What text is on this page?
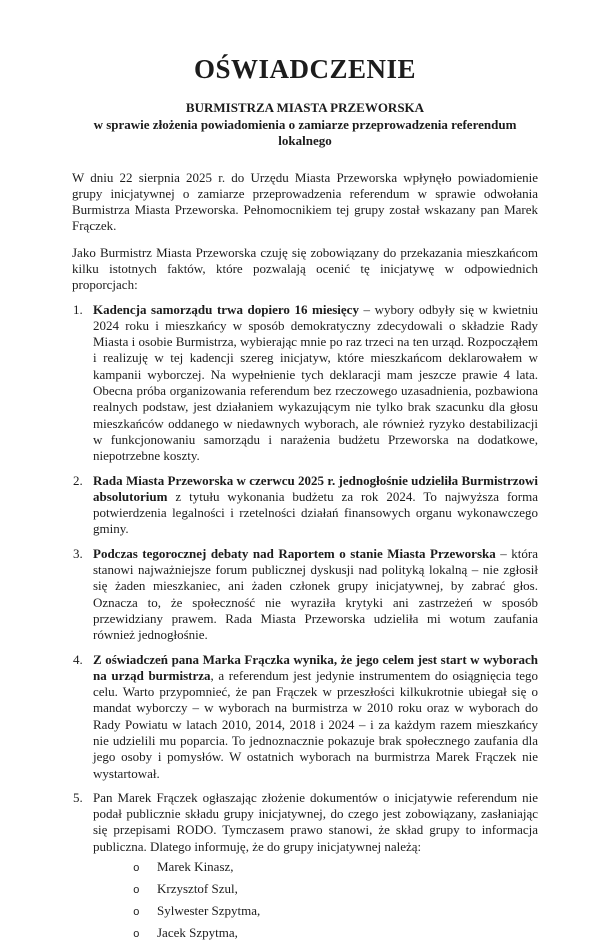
OŚWIADCZENIE
BURMISTRZA MIASTA PRZEWORSKA
w sprawie złożenia powiadomienia o zamiarze przeprowadzenia referendum lokalnego

W dniu 22 sierpnia 2025 r. do Urzędu Miasta Przeworska wpłynęło powiadomienie grupy inicjatywnej o zamiarze przeprowadzenia referendum w sprawie odwołania Burmistrza Miasta Przeworska. Pełnomocnikiem tej grupy został wskazany pan Marek Frączek.

Jako Burmistrz Miasta Przeworska czuję się zobowiązany do przekazania mieszkańcom kilku istotnych faktów, które pozwalają ocenić tę inicjatywę w odpowiednich proporcjach:

1. Kadencja samorządu trwa dopiero 16 miesięcy – wybory odbyły się w kwietniu 2024 roku i mieszkańcy w sposób demokratyczny zdecydowali o składzie Rady Miasta i osobie Burmistrza, wybierając mnie po raz trzeci na ten urząd. Rozpocząłem i realizuję w tej kadencji szereg inicjatyw, które mieszkańcom deklarowałem w kampanii wyborczej. Na wypełnienie tych deklaracji mam jeszcze prawie 4 lata. Obecna próba organizowania referendum bez rzeczowego uzasadnienia, pozbawiona realnych podstaw, jest działaniem wykazującym nie tylko brak szacunku dla głosu mieszkańców oddanego w niedawnych wyborach, ale również ryzyko destabilizacji w funkcjonowaniu samorządu i narażenia budżetu Przeworska na dodatkowe, niepotrzebne koszty.
2. Rada Miasta Przeworska w czerwcu 2025 r. jednogłośnie udzieliła Burmistrzowi absolutorium z tytułu wykonania budżetu za rok 2024. To najwyższa forma potwierdzenia legalności i rzetelności działań finansowych organu wykonawczego gminy.
3. Podczas tegorocznej debaty nad Raportem o stanie Miasta Przeworska – która stanowi najważniejsze forum publicznej dyskusji nad polityką lokalną – nie zgłosił się żaden mieszkaniec, ani żaden członek grupy inicjatywnej, by zabrać głos. Oznacza to, że społeczność nie wyraziła krytyki ani zastrzeżeń w sposób przewidziany prawem. Rada Miasta Przeworska udzieliła mi wotum zaufania również jednogłośnie.
4. Z oświadczeń pana Marka Frączka wynika, że jego celem jest start w wyborach na urząd burmistrza, a referendum jest jedynie instrumentem do osiągnięcia tego celu. Warto przypomnieć, że pan Frączek w przeszłości kilkukrotnie ubiegał się o mandat wyborczy – w wyborach na burmistrza w 2010 roku oraz w wyborach do Rady Powiatu w latach 2010, 2014, 2018 i 2024 – i za każdym razem mieszkańcy nie udzielili mu poparcia. To jednoznacznie pokazuje brak społecznego zaufania dla jego osoby i pomysłów. W ostatnich wyborach na burmistrza Marek Frączek nie wystartował.
5. Pan Marek Frączek ogłaszając złożenie dokumentów o inicjatywie referendum nie podał publicznie składu grupy inicjatywnej, do czego jest zobowiązany, zasłaniając się przepisami RODO. Tymczasem prawo stanowi, że skład grupy to informacja publiczna. Dlatego informuję, że do grupy inicjatywnej należą:
o	Marek Kinasz,
o	Krzysztof Szul,
o	Sylwester Szpytma,
o	Jacek Szpytma,
